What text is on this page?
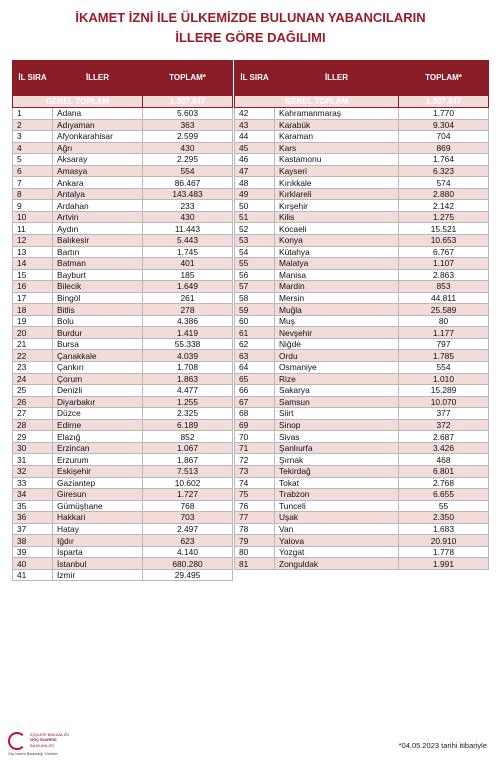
İKAMET İZNİ İLE ÜLKEMİZDE BULUNAN YABANCILARIN
İLLERE GÖRE DAĞILIMI
İL SIRA	İLLER	TOPLAM*		İL SIRA	İLLER	TOPLAM*
GENEL TOPLAM		1.307.847		GENEL TOPLAM		1.307.847
1	Adana	5.603		42	Kahramanmaraş	1.770
2	Adıyaman	363		43	Karabük	9.304
3	Afyonkarahisar	2.599		44	Karaman	704
4	Ağrı	430		45	Kars	869
5	Aksaray	2.295		46	Kastamonu	1.764
6	Amasya	554		47	Kayseri	6.323
7	Ankara	86.467		48	Kırıkkale	574
8	Antalya	143.483		49	Kırklareli	2.880
9	Ardahan	233		50	Kırşehir	2.142
10	Artvin	430		51	Kilis	1.275
11	Aydın	11.443		52	Kocaeli	15.521
12	Balıkesir	5.443		53	Konya	10.653
13	Bartın	1.745		54	Kütahya	6.767
14	Batman	401		55	Malatya	1.107
15	Bayburt	185		56	Manisa	2.863
16	Bilecik	1.649		57	Mardin	853
17	Bingöl	261		58	Mersin	44.811
18	Bitlis	278		59	Muğla	25.589
19	Bolu	4.386		60	Muş	80
20	Burdur	1.419		61	Nevşehir	1.177
21	Bursa	55.338		62	Niğde	797
22	Çanakkale	4.039		63	Ordu	1.785
23	Çankırı	1.708		64	Osmaniye	554
24	Çorum	1.863		65	Rize	1.010
25	Denizli	4.477		66	Sakarya	15.289
26	Diyarbakır	1.255		67	Samsun	10.070
27	Düzce	2.325		68	Siirt	377
28	Edirne	6.189		69	Sinop	372
29	Elazığ	852		70	Sivas	2.687
30	Erzincan	1.067		71	Şanlıurfa	3.426
31	Erzurum	1.867		72	Şırnak	468
32	Eskişehir	7.513		73	Tekirdağ	6.801
33	Gaziantep	10.602		74	Tokat	2.768
34	Giresun	1.727		75	Trabzon	6.655
35	Gümüşhane	768		76	Tunceli	55
36	Hakkari	703		77	Uşak	2.350
37	Hatay	2.497		78	Van	1.683
38	Iğdır	623		79	Yalova	20.910
39	Isparta	4.140		80	Yozgat	1.778
40	İstanbul	680.280		81	Zonguldak	1.991
41	İzmir	29.495				
İÇİŞLERİ BAKANLIĞI
GÖÇ İDARESİ
BAŞKANLIĞI
Göç İdaresi Başkanlığı Yönetimi
*04.05.2023 tarihi itibariyle
